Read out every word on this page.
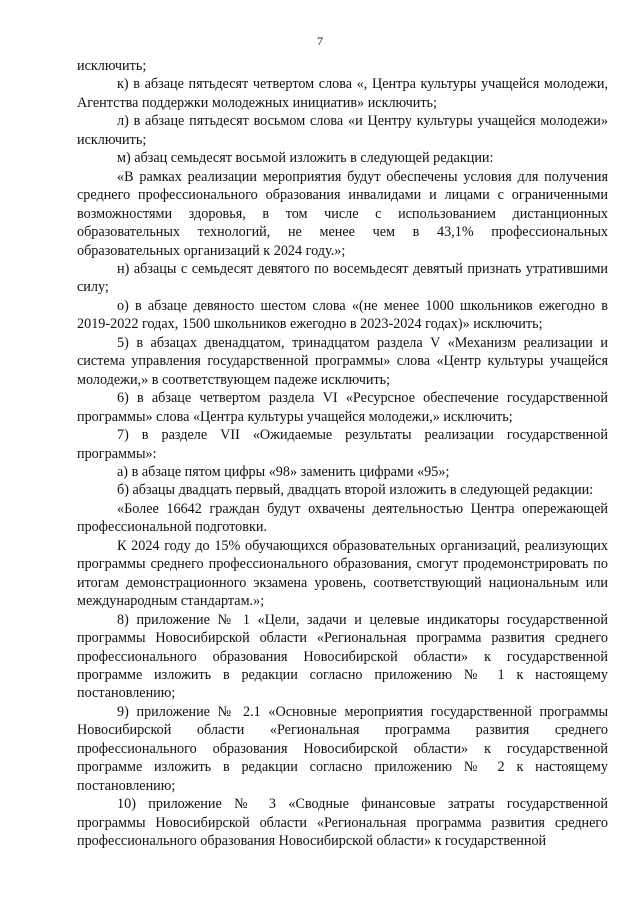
7

исключить;

к) в абзаце пятьдесят четвертом слова «, Центра культуры учащейся молодежи, Агентства поддержки молодежных инициатив» исключить;

л) в абзаце пятьдесят восьмом слова «и Центру культуры учащейся молодежи» исключить;

м) абзац семьдесят восьмой изложить в следующей редакции:

«В рамках реализации мероприятия будут обеспечены условия для получения среднего профессионального образования инвалидами и лицами с ограниченными возможностями здоровья, в том числе с использованием дистанционных образовательных технологий, не менее чем в 43,1% профессиональных образовательных организаций к 2024 году.»;

н) абзацы с семьдесят девятого по восемьдесят девятый признать утратившими силу;

о) в абзаце девяносто шестом слова «(не менее 1000 школьников ежегодно в 2019-2022 годах, 1500 школьников ежегодно в 2023-2024 годах)» исключить;

5) в абзацах двенадцатом, тринадцатом раздела V «Механизм реализации и система управления государственной программы» слова «Центр культуры учащейся молодежи,» в соответствующем падеже исключить;

6) в абзаце четвертом раздела VI «Ресурсное обеспечение государственной программы» слова «Центра культуры учащейся молодежи,» исключить;

7) в разделе VII «Ожидаемые результаты реализации государственной программы»:

а) в абзаце пятом цифры «98» заменить цифрами «95»;

б) абзацы двадцать первый, двадцать второй изложить в следующей редакции:

«Более 16642 граждан будут охвачены деятельностью Центра опережающей профессиональной подготовки.

К 2024 году до 15% обучающихся образовательных организаций, реализующих программы среднего профессионального образования, смогут продемонстрировать по итогам демонстрационного экзамена уровень, соответствующий национальным или международным стандартам.»;

8) приложение № 1 «Цели, задачи и целевые индикаторы государственной программы Новосибирской области «Региональная программа развития среднего профессионального образования Новосибирской области» к государственной программе изложить в редакции согласно приложению № 1 к настоящему постановлению;

9) приложение № 2.1 «Основные мероприятия государственной программы Новосибирской области «Региональная программа развития среднего профессионального образования Новосибирской области» к государственной программе изложить в редакции согласно приложению № 2 к настоящему постановлению;

10) приложение № 3 «Сводные финансовые затраты государственной программы Новосибирской области «Региональная программа развития среднего профессионального образования Новосибирской области» к государственной
